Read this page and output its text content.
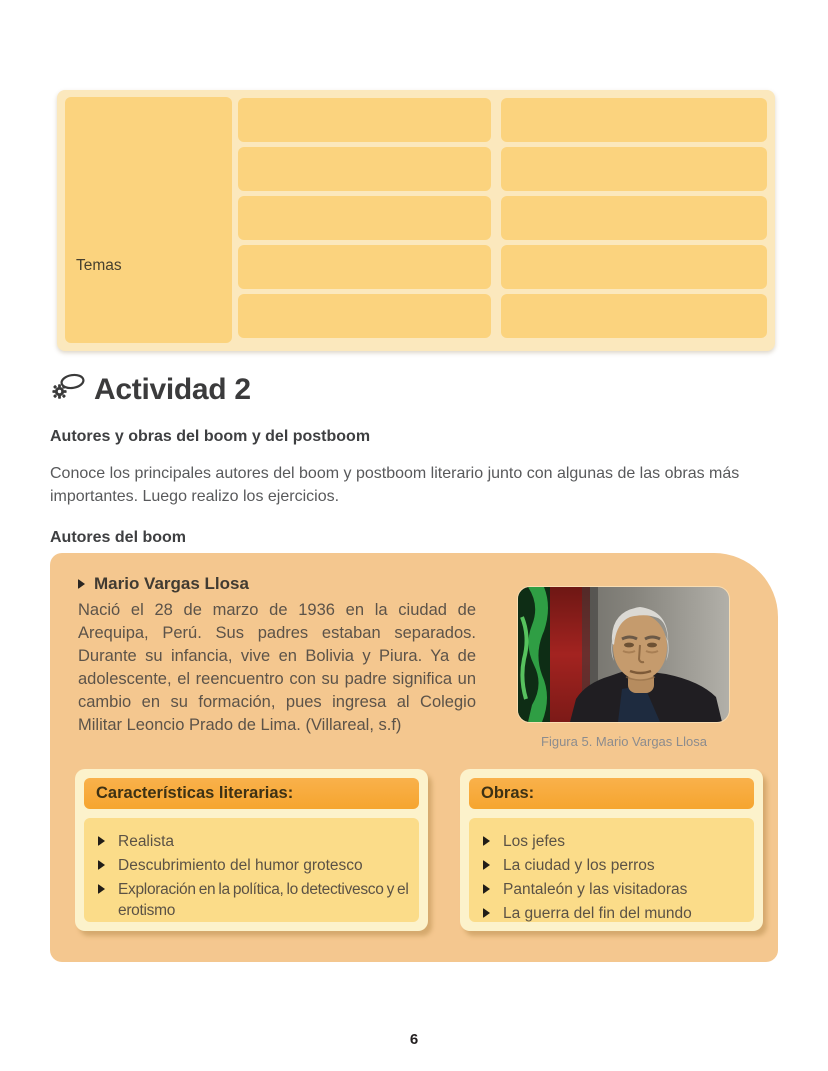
Temas
Actividad 2
Autores y obras del boom y del postboom

Conoce los principales autores del boom y postboom literario junto con algunas de las obras más importantes. Luego realizo los ejercicios.

Autores del boom
Mario Vargas Llosa

Nació el 28 de marzo de 1936 en la ciudad de Arequipa, Perú. Sus padres estaban separados. Durante su infancia, vive en Bolivia y Piura. Ya de adolescente, el reencuentro con su padre significa un cambio en su formación, pues ingresa al Colegio Militar Leoncio Prado de Lima. (Villareal, s.f)

Figura 5. Mario Vargas Llosa
Características literarias:
Realista
Descubrimiento del humor grotesco
Exploración en la política, lo detectivesco y el erotismo
Obras:
Los jefes
La ciudad y los perros
Pantaleón y las visitadoras
La guerra del fin del mundo
6
